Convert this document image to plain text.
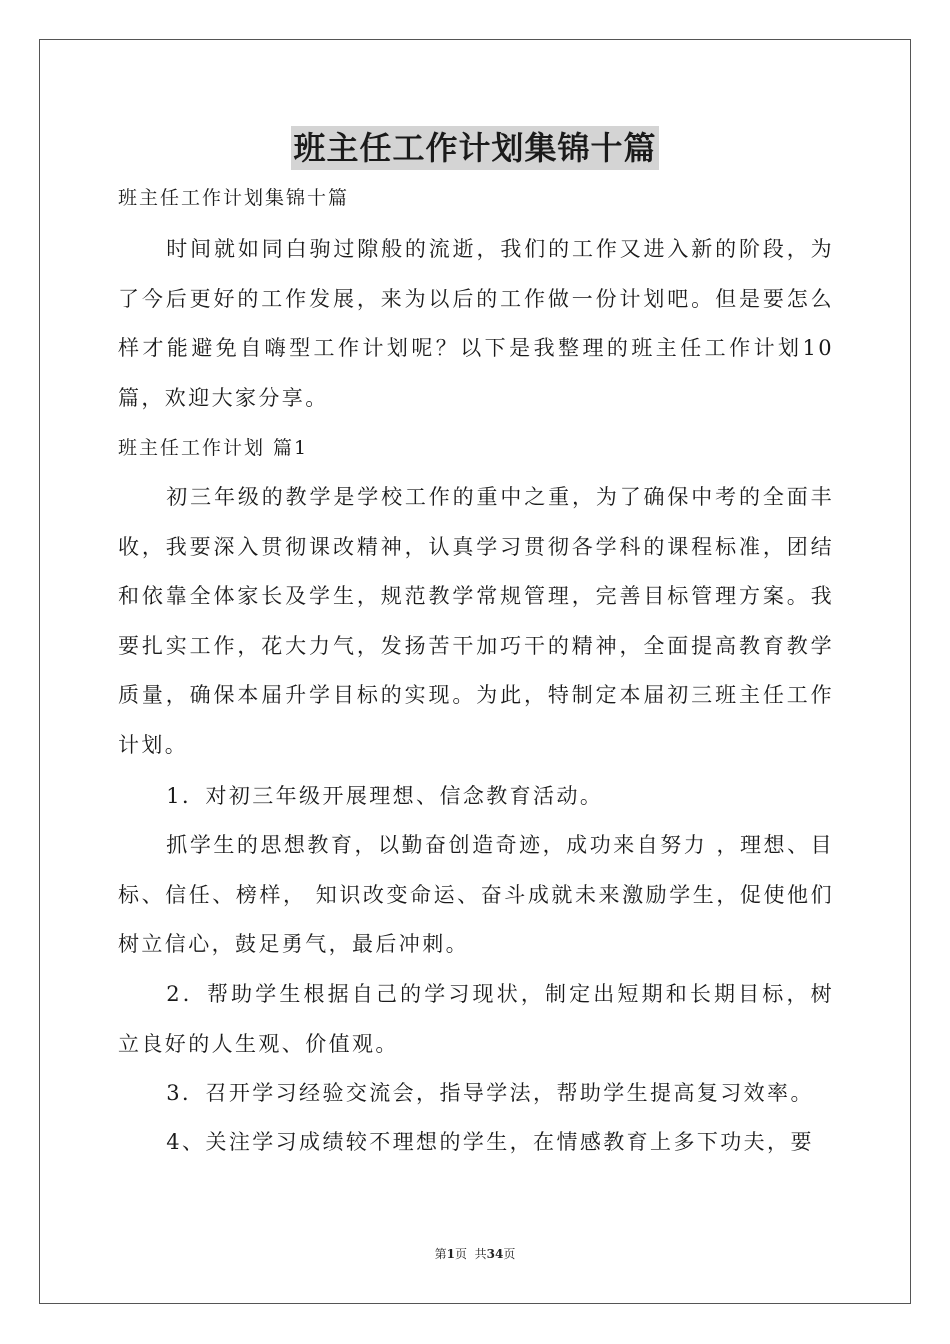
班主任工作计划集锦十篇
班主任工作计划集锦十篇
时间就如同白驹过隙般的流逝，我们的工作又进入新的阶段，为了今后更好的工作发展，来为以后的工作做一份计划吧。但是要怎么样才能避免自嗨型工作计划呢？以下是我整理的班主任工作计划10篇，欢迎大家分享。
班主任工作计划 篇1
初三年级的教学是学校工作的重中之重，为了确保中考的全面丰收，我要深入贯彻课改精神，认真学习贯彻各学科的课程标准，团结和依靠全体家长及学生，规范教学常规管理，完善目标管理方案。我要扎实工作，花大力气，发扬苦干加巧干的精神，全面提高教育教学质量，确保本届升学目标的实现。为此，特制定本届初三班主任工作计划。
1．对初三年级开展理想、信念教育活动。
抓学生的思想教育，以勤奋创造奇迹，成功来自努力 ，理想、目标、信任、榜样， 知识改变命运、奋斗成就未来激励学生，促使他们树立信心，鼓足勇气，最后冲刺。
2．帮助学生根据自己的学习现状，制定出短期和长期目标，树立良好的人生观、价值观。
3．召开学习经验交流会，指导学法，帮助学生提高复习效率。
4、关注学习成绩较不理想的学生，在情感教育上多下功夫，要
第1页  共34页
